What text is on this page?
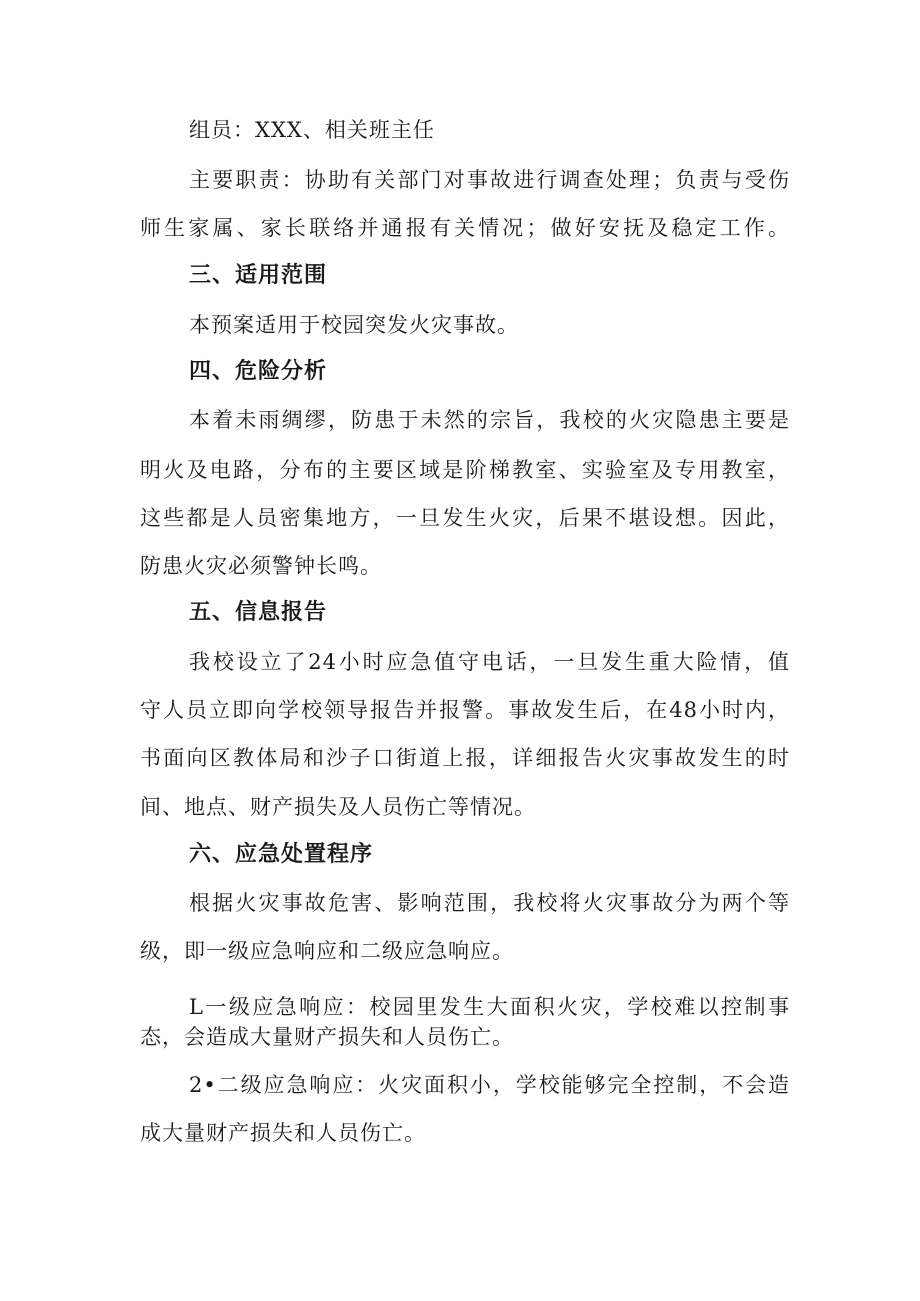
组员：XXX、相关班主任
主要职责：协助有关部门对事故进行调查处理；负责与受伤
师生家属、家长联络并通报有关情况；做好安抚及稳定工作。
三、适用范围
本预案适用于校园突发火灾事故。
四、危险分析
本着未雨绸缪，防患于未然的宗旨，我校的火灾隐患主要是
明火及电路，分布的主要区域是阶梯教室、实验室及专用教室，
这些都是人员密集地方，一旦发生火灾，后果不堪设想。因此，
防患火灾必须警钟长鸣。
五、信息报告
我校设立了24小时应急值守电话，一旦发生重大险情，值
守人员立即向学校领导报告并报警。事故发生后，在48小时内，
书面向区教体局和沙子口街道上报，详细报告火灾事故发生的时
间、地点、财产损失及人员伤亡等情况。
六、应急处置程序
根据火灾事故危害、影响范围，我校将火灾事故分为两个等
级，即一级应急响应和二级应急响应。
L一级应急响应：校园里发生大面积火灾，学校难以控制事
态，会造成大量财产损失和人员伤亡。
2•二级应急响应：火灾面积小，学校能够完全控制，不会造
成大量财产损失和人员伤亡。
